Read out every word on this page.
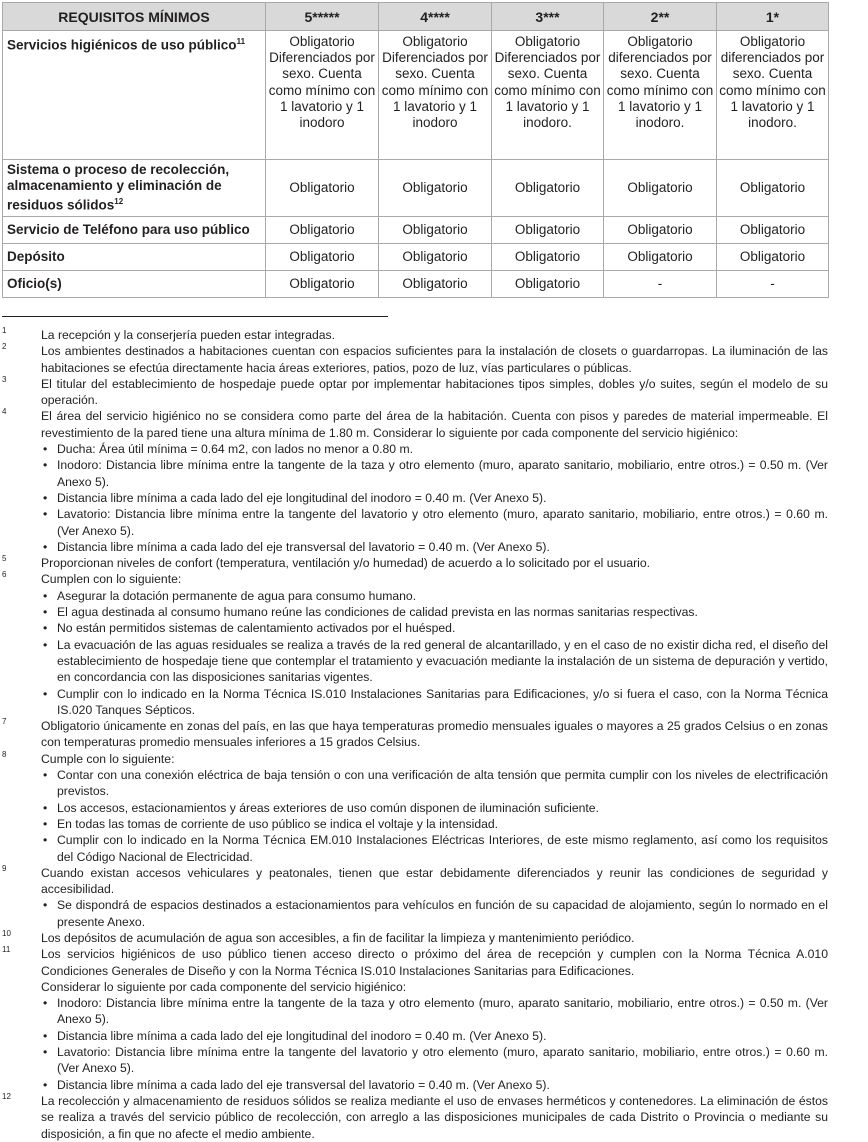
REQUISITOS MÍNIMOS	5*****	4****	3***	2**	1*
Servicios higiénicos de uso público$^{11}$	Obligatorio Diferenciados por sexo. Cuenta como mínimo con 1 lavatorio y 1 inodoro	Obligatorio Diferenciados por sexo. Cuenta como mínimo con 1 lavatorio y 1 inodoro	Obligatorio Diferenciados por sexo. Cuenta como mínimo con 1 lavatorio y 1 inodoro.	Obligatorio diferenciados por sexo. Cuenta como mínimo con 1 lavatorio y 1 inodoro.	Obligatorio diferenciados por sexo. Cuenta como mínimo con 1 lavatorio y 1 inodoro.
Sistema o proceso de recolección, almacenamiento y eliminación de residuos sólidos$^{12}$	Obligatorio	Obligatorio	Obligatorio	Obligatorio	Obligatorio
Servicio de Teléfono para uso público	Obligatorio	Obligatorio	Obligatorio	Obligatorio	Obligatorio
Depósito	Obligatorio	Obligatorio	Obligatorio	Obligatorio	Obligatorio
Oficio(s)	Obligatorio	Obligatorio	Obligatorio	-	-
1	La recepción y la conserjería pueden estar integradas.

2	Los ambientes destinados a habitaciones cuentan con espacios suficientes para la instalación de closets o guardarropas. La iluminación de las habitaciones se efectúa directamente hacia áreas exteriores, patios, pozo de luz, vías particulares o públicas.

3	El titular del establecimiento de hospedaje puede optar por implementar habitaciones tipos simples, dobles y/o suites, según el modelo de su operación.

4	El área del servicio higiénico no se considera como parte del área de la habitación. Cuenta con pisos y paredes de material impermeable. El revestimiento de la pared tiene una altura mínima de 1.80 m. Considerar lo siguiente por cada componente del servicio higiénico:

• Ducha: Área útil mínima = 0.64 m2, con lados no menor a 0.80 m.
• Inodoro: Distancia libre mínima entre la tangente de la taza y otro elemento (muro, aparato sanitario, mobiliario, entre otros.) = 0.50 m. (Ver Anexo 5).
• Distancia libre mínima a cada lado del eje longitudinal del inodoro = 0.40 m. (Ver Anexo 5).
• Lavatorio: Distancia libre mínima entre la tangente del lavatorio y otro elemento (muro, aparato sanitario, mobiliario, entre otros.) = 0.60 m. (Ver Anexo 5).
• Distancia libre mínima a cada lado del eje transversal del lavatorio = 0.40 m. (Ver Anexo 5).
5	Proporcionan niveles de confort (temperatura, ventilación y/o humedad) de acuerdo a lo solicitado por el usuario.

6	Cumplen con lo siguiente:

• Asegurar la dotación permanente de agua para consumo humano.
• El agua destinada al consumo humano reúne las condiciones de calidad prevista en las normas sanitarias respectivas.
• No están permitidos sistemas de calentamiento activados por el huésped.
• La evacuación de las aguas residuales se realiza a través de la red general de alcantarillado, y en el caso de no existir dicha red, el diseño del establecimiento de hospedaje tiene que contemplar el tratamiento y evacuación mediante la instalación de un sistema de depuración y vertido, en concordancia con las disposiciones sanitarias vigentes.
• Cumplir con lo indicado en la Norma Técnica IS.010 Instalaciones Sanitarias para Edificaciones, y/o si fuera el caso, con la Norma Técnica IS.020 Tanques Sépticos.
7	Obligatorio únicamente en zonas del país, en las que haya temperaturas promedio mensuales iguales o mayores a 25 grados Celsius o en zonas con temperaturas promedio mensuales inferiores a 15 grados Celsius.

8	Cumple con lo siguiente:

• Contar con una conexión eléctrica de baja tensión o con una verificación de alta tensión que permita cumplir con los niveles de electrificación previstos.
• Los accesos, estacionamientos y áreas exteriores de uso común disponen de iluminación suficiente.
• En todas las tomas de corriente de uso público se indica el voltaje y la intensidad.
• Cumplir con lo indicado en la Norma Técnica EM.010 Instalaciones Eléctricas Interiores, de este mismo reglamento, así como los requisitos del Código Nacional de Electricidad.
9	Cuando existan accesos vehiculares y peatonales, tienen que estar debidamente diferenciados y reunir las condiciones de seguridad y accesibilidad.

• Se dispondrá de espacios destinados a estacionamientos para vehículos en función de su capacidad de alojamiento, según lo normado en el presente Anexo.
10 Los depósitos de acumulación de agua son accesibles, a fin de facilitar la limpieza y mantenimiento periódico.

11	Los servicios higiénicos de uso público tienen acceso directo o próximo del área de recepción y cumplen con la Norma Técnica A.010 Condiciones Generales de Diseño y con la Norma Técnica IS.010 Instalaciones Sanitarias para Edificaciones.

Considerar lo siguiente por cada componente del servicio higiénico:

• Inodoro: Distancia libre mínima entre la tangente de la taza y otro elemento (muro, aparato sanitario, mobiliario, entre otros.) = 0.50 m. (Ver Anexo 5).
• Distancia libre mínima a cada lado del eje longitudinal del inodoro = 0.40 m. (Ver Anexo 5).
• Lavatorio: Distancia libre mínima entre la tangente del lavatorio y otro elemento (muro, aparato sanitario, mobiliario, entre otros.) = 0.60 m. (Ver Anexo 5).
• Distancia libre mínima a cada lado del eje transversal del lavatorio = 0.40 m. (Ver Anexo 5).
12 La recolección y almacenamiento de residuos sólidos se realiza mediante el uso de envases herméticos y contenedores. La eliminación de éstos se realiza a través del servicio público de recolección, con arreglo a las disposiciones municipales de cada Distrito o Provincia o mediante su disposición, a fin que no afecte el medio ambiente.
